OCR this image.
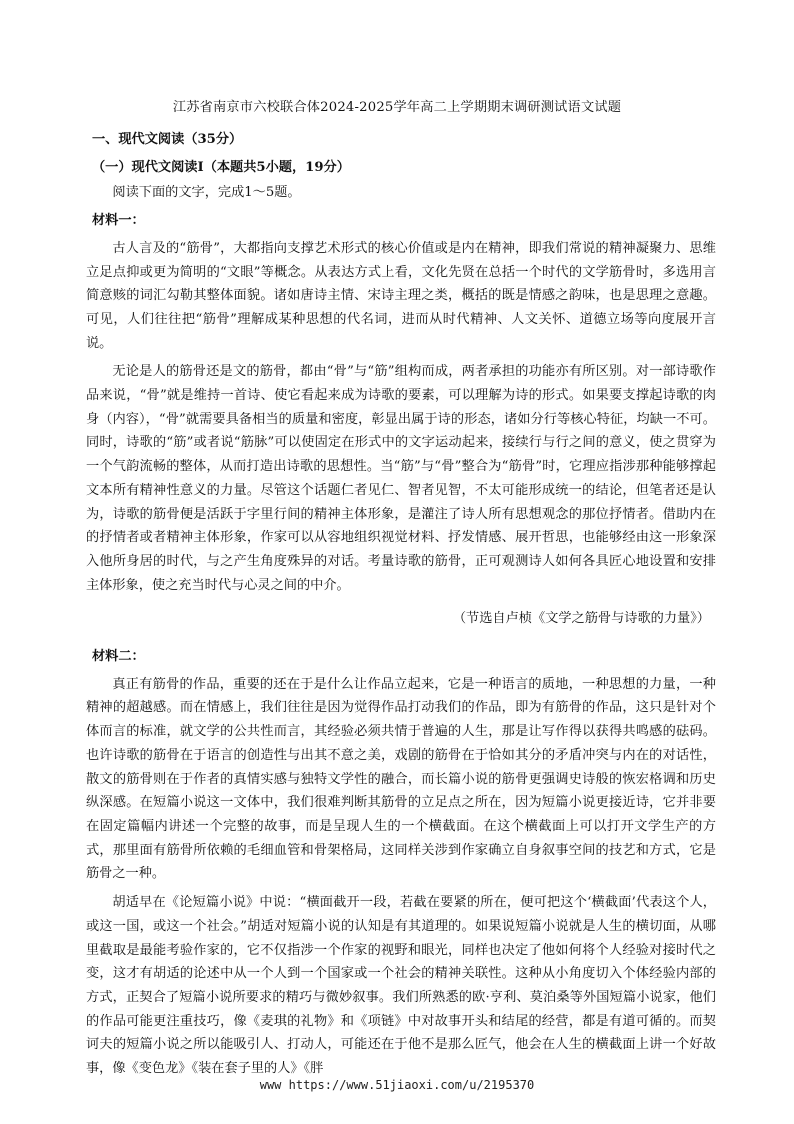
江苏省南京市六校联合体2024-2025学年高二上学期期末调研测试语文试题
一、现代文阅读（35分）
（一）现代文阅读Ⅰ（本题共5小题，19分）

阅读下面的文字，完成1～5题。

材料一：

古人言及的“筋骨”，大都指向支撑艺术形式的核心价值或是内在精神，即我们常说的精神凝聚力、思维立足点抑或更为简明的“文眼”等概念。从表达方式上看，文化先贤在总括一个时代的文学筋骨时，多选用言简意赅的词汇勾勒其整体面貌。诸如唐诗主情、宋诗主理之类，概括的既是情感之韵味，也是思理之意趣。可见，人们往往把“筋骨”理解成某种思想的代名词，进而从时代精神、人文关怀、道德立场等向度展开言说。

无论是人的筋骨还是文的筋骨，都由“骨”与“筋”组构而成，两者承担的功能亦有所区别。对一部诗歌作品来说，“骨”就是维持一首诗、使它看起来成为诗歌的要素，可以理解为诗的形式。如果要支撑起诗歌的肉身（内容），“骨”就需要具备相当的质量和密度，彰显出属于诗的形态，诸如分行等核心特征，均缺一不可。同时，诗歌的“筋”或者说“筋脉”可以使固定在形式中的文字运动起来，接续行与行之间的意义，使之贯穿为一个气韵流畅的整体，从而打造出诗歌的思想性。当“筋”与“骨”整合为“筋骨”时，它理应指涉那种能够撑起文本所有精神性意义的力量。尽管这个话题仁者见仁、智者见智，不太可能形成统一的结论，但笔者还是认为，诗歌的筋骨便是活跃于字里行间的精神主体形象，是灌注了诗人所有思想观念的那位抒情者。借助内在的抒情者或者精神主体形象，作家可以从容地组织视觉材料、抒发情感、展开哲思，也能够经由这一形象深入他所身居的时代，与之产生角度殊异的对话。考量诗歌的筋骨，正可观测诗人如何各具匠心地设置和安排主体形象，使之充当时代与心灵之间的中介。

（节选自卢桢《文学之筋骨与诗歌的力量》）
材料二：

真正有筋骨的作品，重要的还在于是什么让作品立起来，它是一种语言的质地，一种思想的力量，一种精神的超越感。而在情感上，我们往往是因为觉得作品打动我们的作品，即为有筋骨的作品，这只是针对个体而言的标准，就文学的公共性而言，其经验必须共情于普遍的人生，那是让写作得以获得共鸣感的砝码。也许诗歌的筋骨在于语言的创造性与出其不意之美，戏剧的筋骨在于恰如其分的矛盾冲突与内在的对话性，散文的筋骨则在于作者的真情实感与独特文学性的融合，而长篇小说的筋骨更强调史诗般的恢宏格调和历史纵深感。在短篇小说这一文体中，我们很难判断其筋骨的立足点之所在，因为短篇小说更接近诗，它并非要在固定篇幅内讲述一个完整的故事，而是呈现人生的一个横截面。在这个横截面上可以打开文学生产的方式，那里面有筋骨所依赖的毛细血管和骨架格局，这同样关涉到作家确立自身叙事空间的技艺和方式，它是筋骨之一种。

胡适早在《论短篇小说》中说：“横面截开一段，若截在要紧的所在，便可把这个‘横截面’代表这个人，或这一国，或这一个社会。”胡适对短篇小说的认知是有其道理的。如果说短篇小说就是人生的横切面，从哪里截取是最能考验作家的，它不仅指涉一个作家的视野和眼光，同样也决定了他如何将个人经验对接时代之变，这才有胡适的论述中从一个人到一个国家或一个社会的精神关联性。这种从小角度切入个体经验内部的方式，正契合了短篇小说所要求的精巧与微妙叙事。我们所熟悉的欧·亨利、莫泊桑等外国短篇小说家，他们的作品可能更注重技巧，像《麦琪的礼物》和《项链》中对故事开头和结尾的经营，都是有道可循的。而契诃夫的短篇小说之所以能吸引人、打动人，可能还在于他不是那么匠气，他会在人生的横截面上讲一个好故事，像《变色龙》《装在套子里的人》《胖

www https://www.51jiaoxi.com/u/2195370
